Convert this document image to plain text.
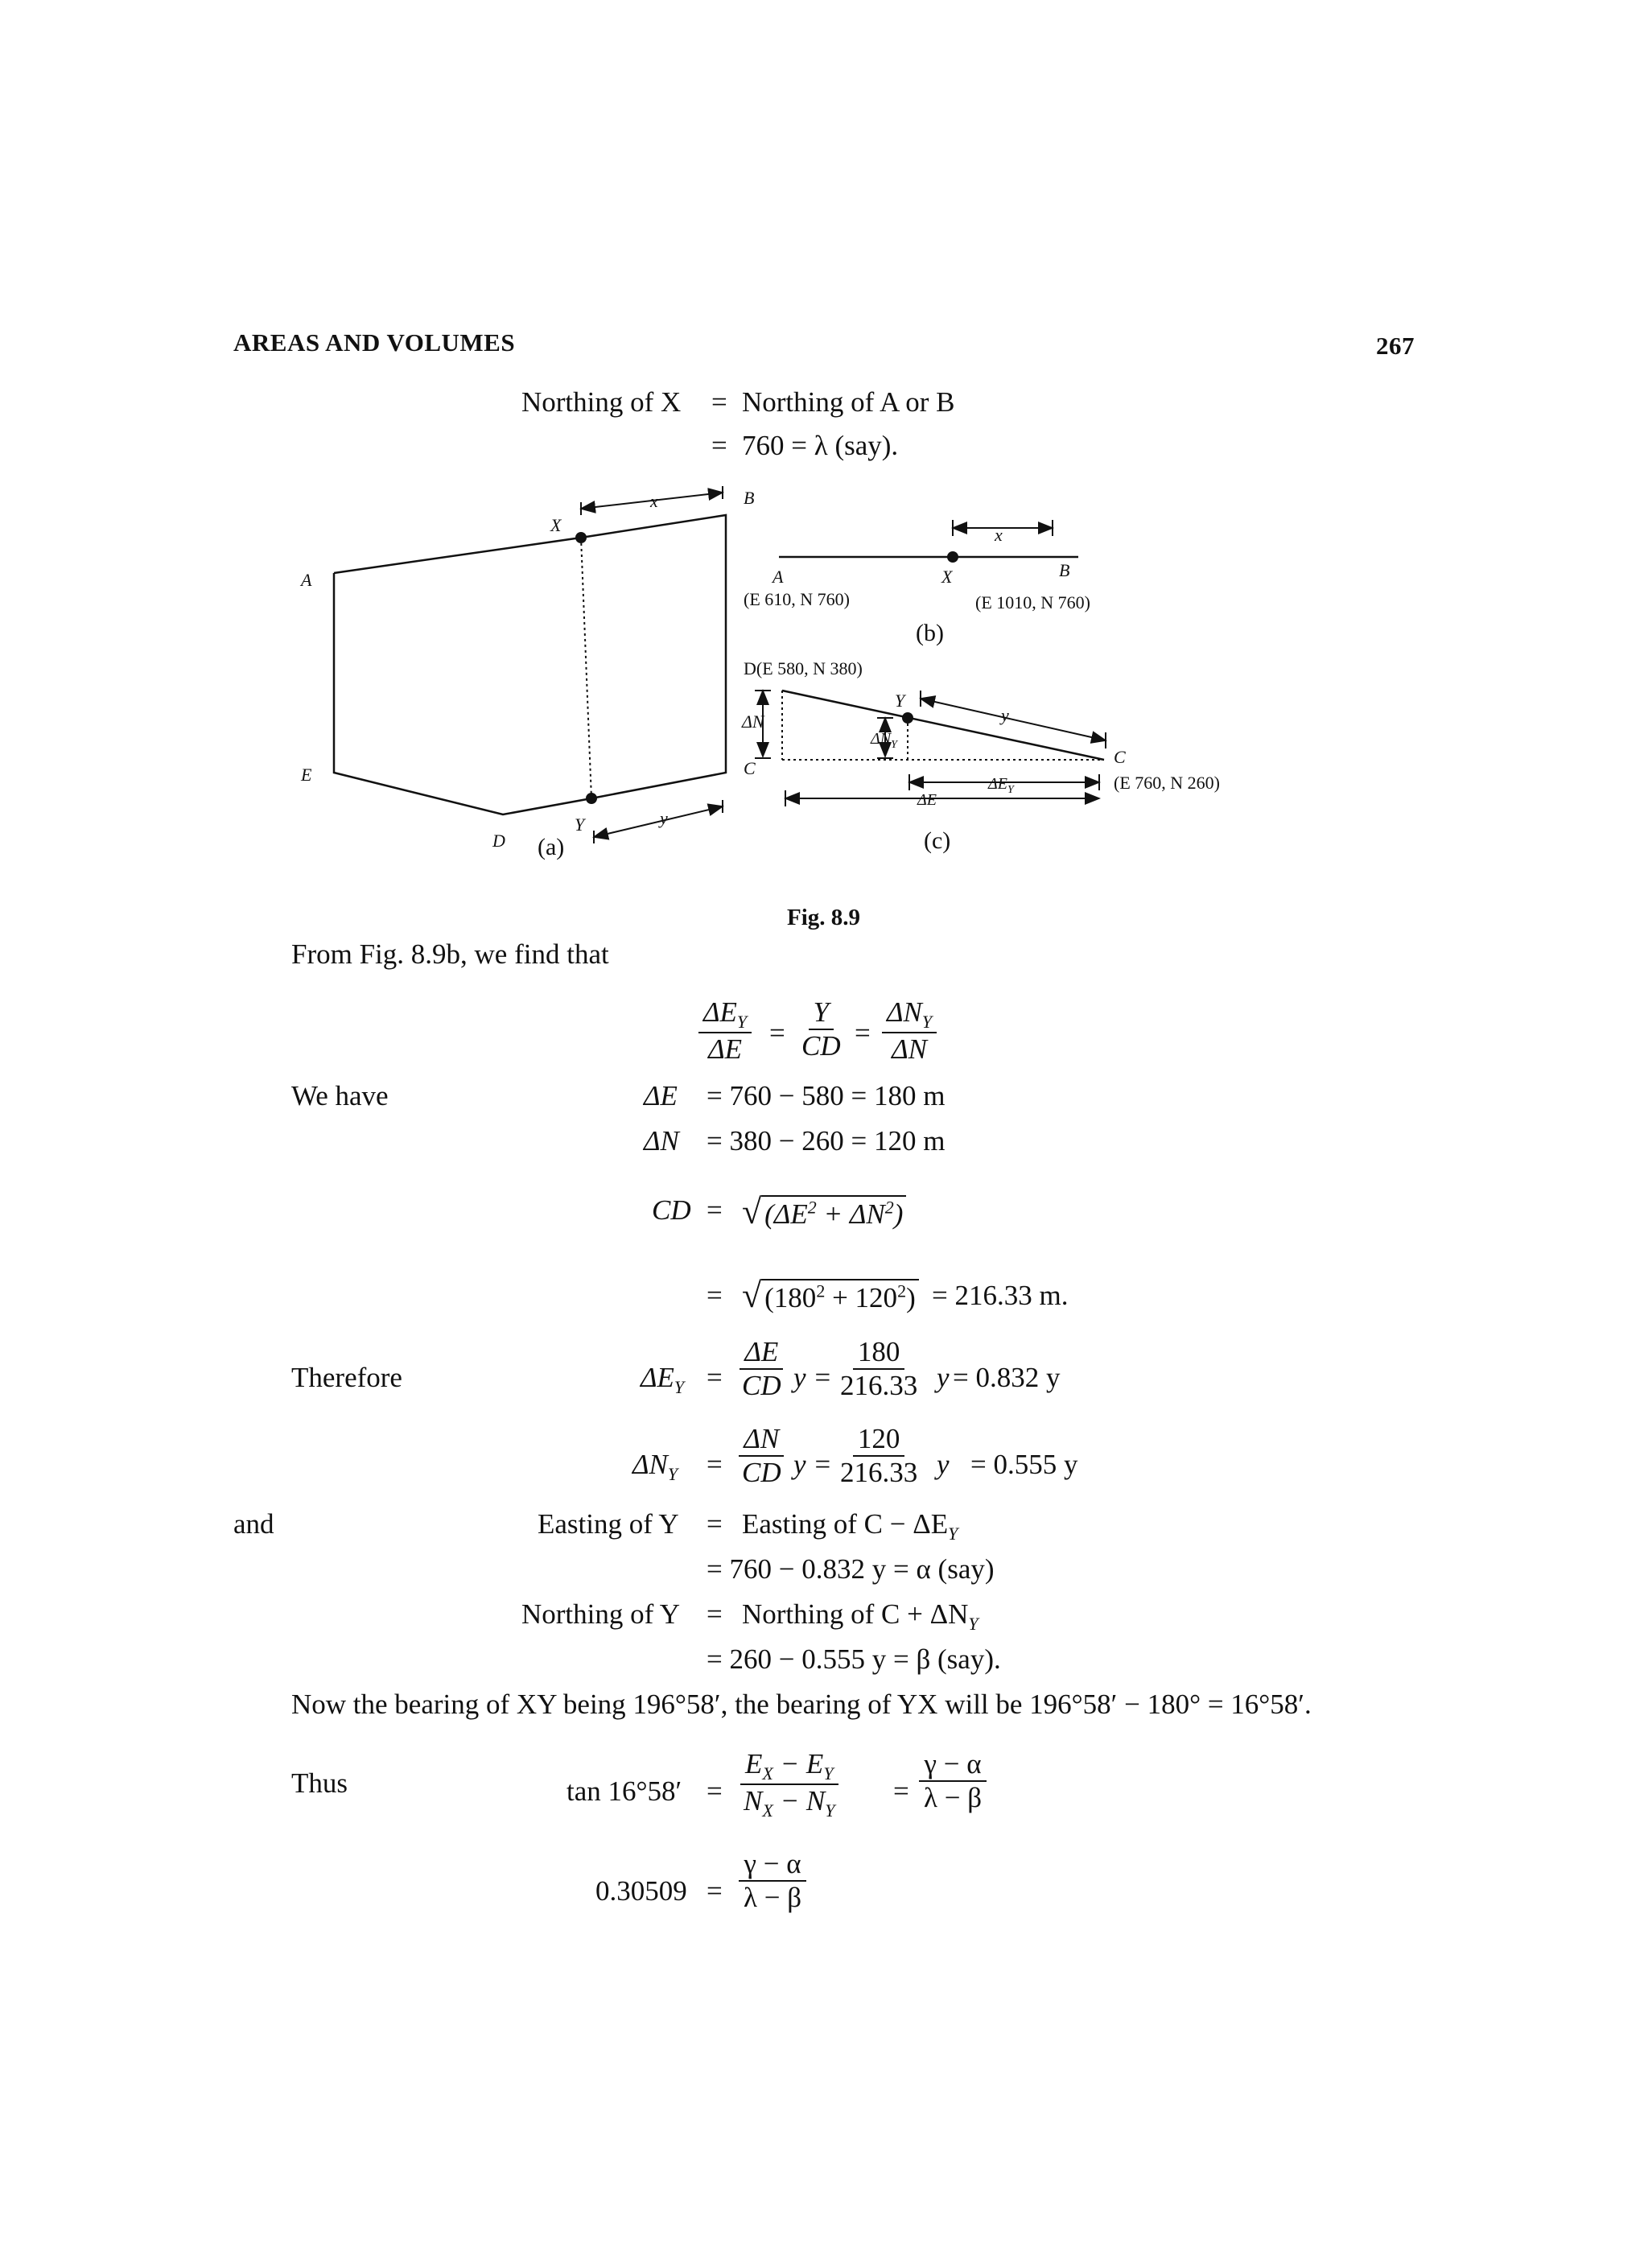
AREAS AND VOLUMES	267
Northing of X = Northing of A or B
= 760 = λ (say).
A
B
X
E	C
D
Y
x
y
(a)
A
(E 610, N 760)
X	B
(E 1010, N 760)
x
(b)
D(E 580, N 380)
Y
C
(E 760, N 260)
y
ΔN
$\Delta N_Y$
$\Delta E_Y$
ΔE
(c)
Fig. 8.9
From Fig. 8.9b, we find that
$\Delta E_Y$
ΔE
= $\frac{Y}{CD}$ =
$\Delta N_Y$
ΔN
We have	ΔE = 760 − 580 = 180 m
ΔN = 380 − 260 = 120 m
CD = √ $(\Delta E^2 + \Delta N^2)$
= √ $(180^2 + 120^2) = 216.33$ m.
Therefore	$\Delta E_Y = \frac{\Delta E}{CD}$ $y = \frac{180}{216.33}$ y = 0.832 y
$\Delta N_Y = \frac{\Delta N}{CD}$ $y = \frac{120}{216.33}$ y = 0.555 y
and	Easting of Y = Easting of $C - \Delta E_Y$
= 760 − 0.832 y = α (say)
Northing of Y = Northing of $C + \Delta N_Y$
= 260 − 0.555 y = β (say).
Now the bearing of XY being 196°58′, the bearing of YX will be 196°58′ − 180° = 16°58′.
Thus	$\tan 16^\circ 58' = \frac{E_X - E_Y}{N_X - N_Y} = \frac{\gamma - \alpha}{\lambda - \beta}$
$0.30509 = \frac{\gamma - \alpha}{\lambda - \beta}$
